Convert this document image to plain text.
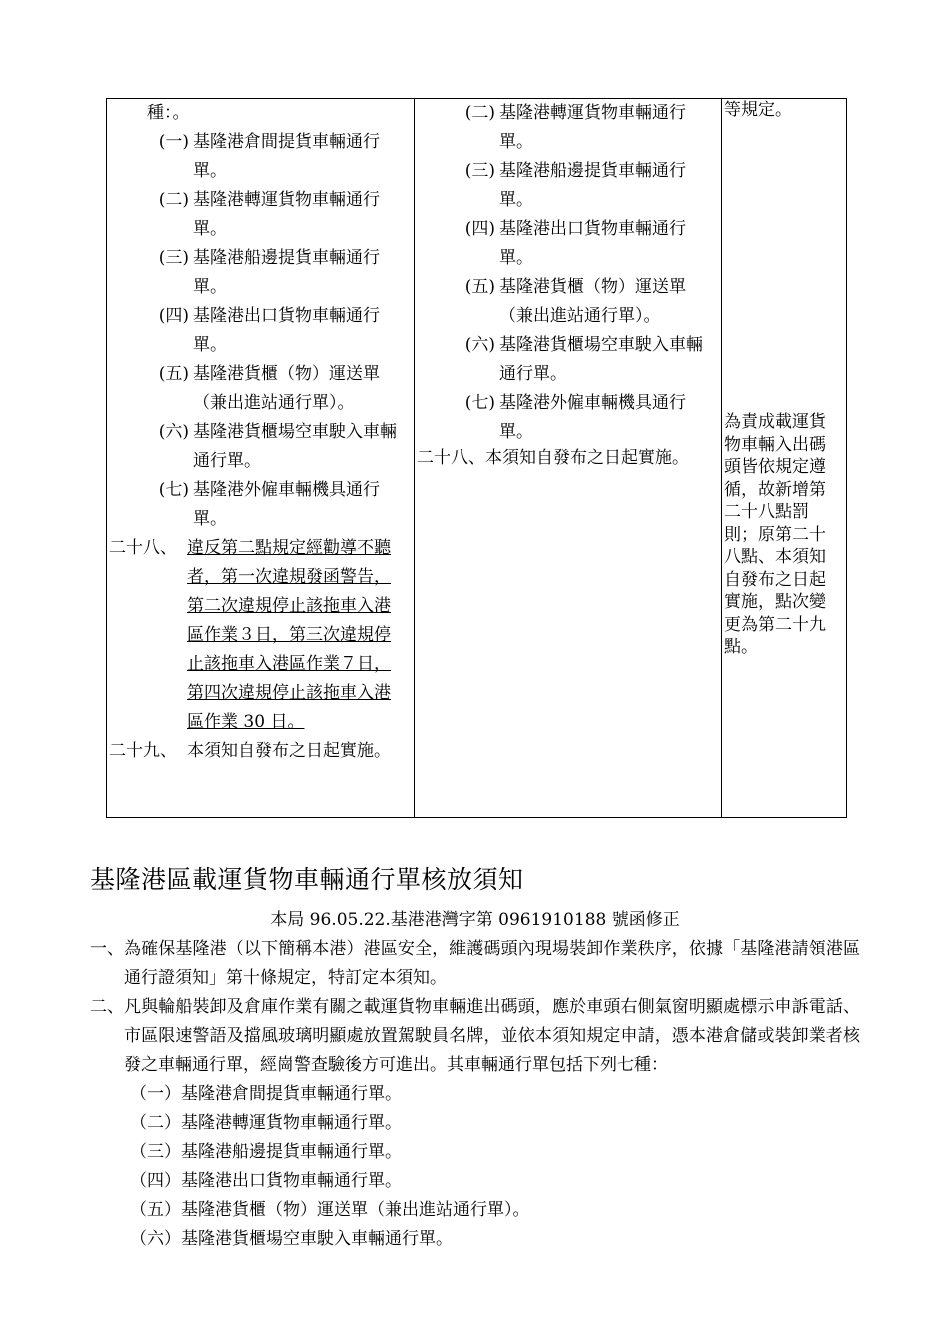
種：。
(一) 基隆港倉間提貨車輛通行單。
(二) 基隆港轉運貨物車輛通行單。
(三) 基隆港船邊提貨車輛通行單。
(四) 基隆港出口貨物車輛通行單。
(五) 基隆港貨櫃（物）運送單（兼出進站通行單）。
(六) 基隆港貨櫃場空車駛入車輛通行單。
(七) 基隆港外僱車輛機具通行單。
二十八、 違反第二點規定經勸導不聽者，第一次違規發函警告，第二次違規停止該拖車入港區作業３日，第三次違規停止該拖車入港區作業７日，第四次違規停止該拖車入港區作業 30 日。
二十九、 本須知自發布之日起實施。

(二) 基隆港轉運貨物車輛通行單。
(三) 基隆港船邊提貨車輛通行單。
(四) 基隆港出口貨物車輛通行單。
(五) 基隆港貨櫃（物）運送單（兼出進站通行單）。
(六) 基隆港貨櫃場空車駛入車輛通行單。
(七) 基隆港外僱車輛機具通行單。
二十八、 本須知自發布之日起實施。

等規定。
為責成載運貨物車輛入出碼頭皆依規定遵循，故新增第二十八點罰則；原第二十八點、本須知自發布之日起實施，點次變更為第二十九點。
基隆港區載運貨物車輛通行單核放須知
本局 96.05.22.基港港灣字第 0961910188 號函修正
一、 為確保基隆港（以下簡稱本港）港區安全，維護碼頭內現場裝卸作業秩序，依據「基隆港請領港區通行證須知」第十條規定，特訂定本須知。
二、 凡與輪船裝卸及倉庫作業有關之載運貨物車輛進出碼頭，應於車頭右側氣窗明顯處標示申訴電話、市區限速警語及擋風玻璃明顯處放置駕駛員名牌，並依本須知規定申請，憑本港倉儲或裝卸業者核發之車輛通行單，經崗警查驗後方可進出。其車輛通行單包括下列七種：
（一）基隆港倉間提貨車輛通行單。
（二）基隆港轉運貨物車輛通行單。
（三）基隆港船邊提貨車輛通行單。
（四）基隆港出口貨物車輛通行單。
（五）基隆港貨櫃（物）運送單（兼出進站通行單）。
（六）基隆港貨櫃場空車駛入車輛通行單。
